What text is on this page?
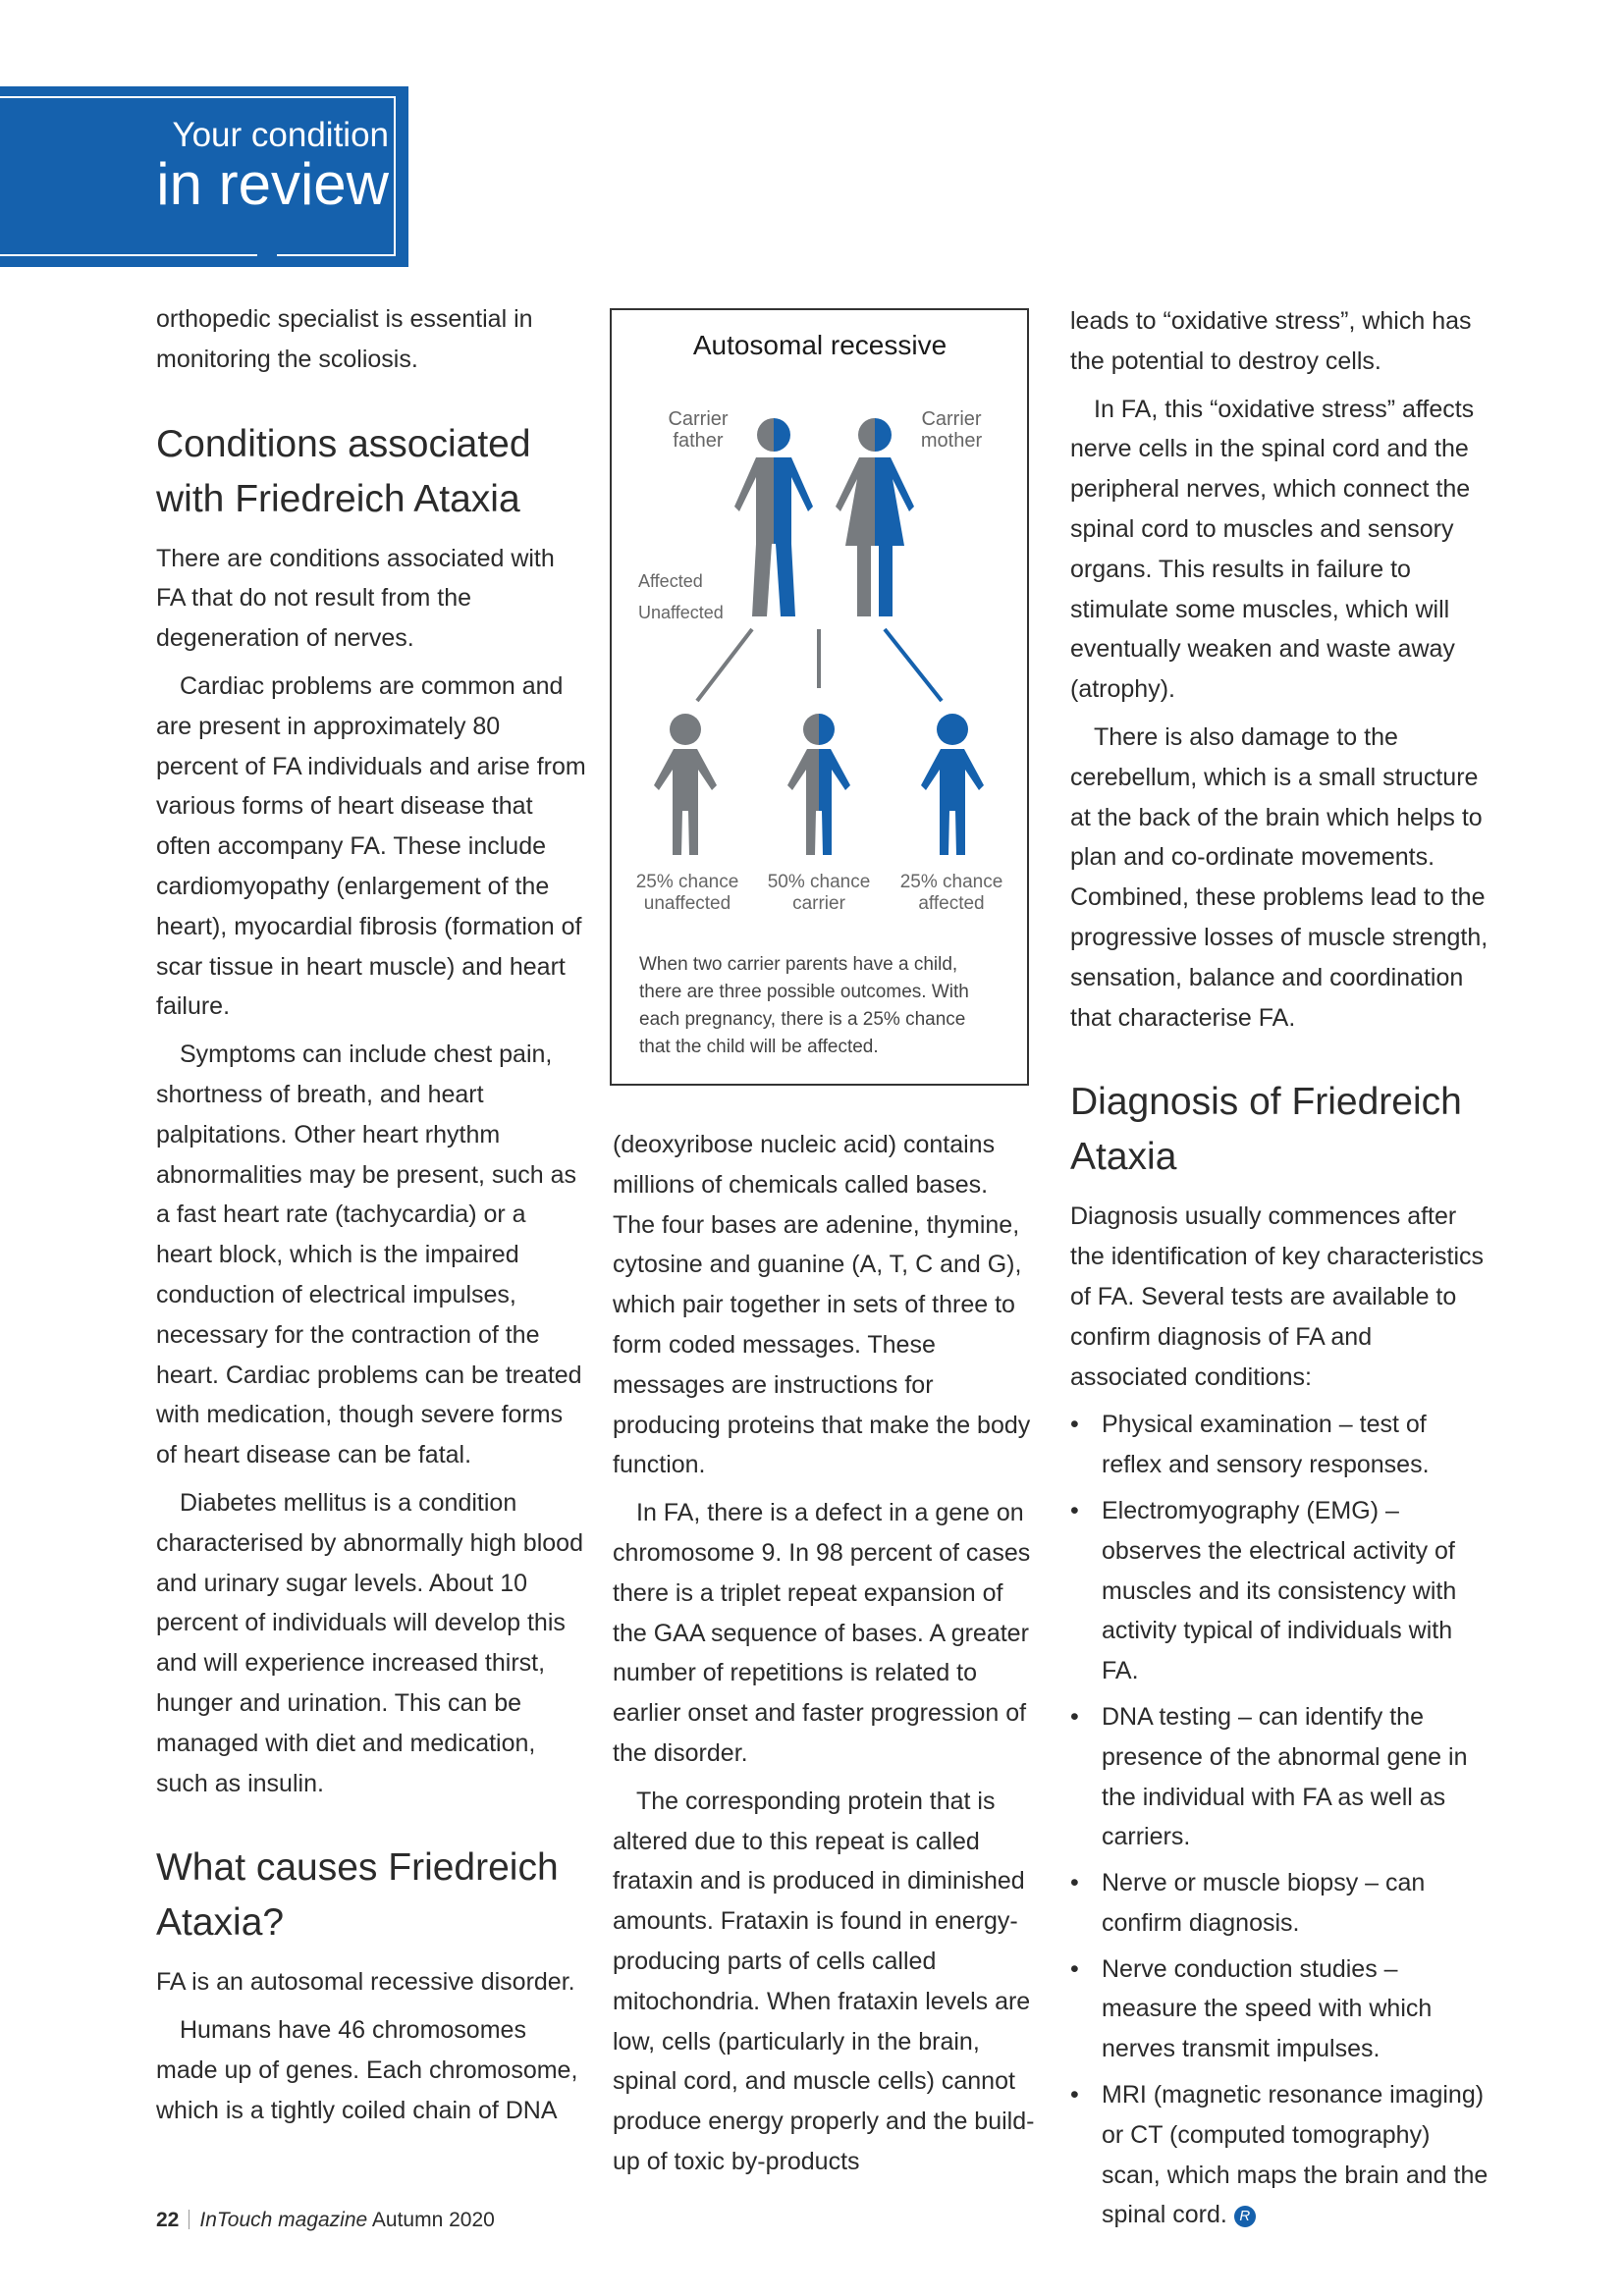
Your condition
in review

orthopedic specialist is essential in monitoring the scoliosis.

Conditions associated with Friedreich Ataxia

There are conditions associated with FA that do not result from the degeneration of nerves.

Cardiac problems are common and are present in approximately 80 percent of FA individuals and arise from various forms of heart disease that often accompany FA. These include cardiomyopathy (enlargement of the heart), myocardial fibrosis (formation of scar tissue in heart muscle) and heart failure.

Symptoms can include chest pain, shortness of breath, and heart palpitations. Other heart rhythm abnormalities may be present, such as a fast heart rate (tachycardia) or a heart block, which is the impaired conduction of electrical impulses, necessary for the contraction of the heart. Cardiac problems can be treated with medication, though severe forms of heart disease can be fatal.

Diabetes mellitus is a condition characterised by abnormally high blood and urinary sugar levels. About 10 percent of individuals will develop this and will experience increased thirst, hunger and urination. This can be managed with diet and medication, such as insulin.

What causes Friedreich Ataxia?

FA is an autosomal recessive disorder.

Humans have 46 chromosomes made up of genes. Each chromosome, which is a tightly coiled chain of DNA

Autosomal recessive
Carrier
father
Carrier
mother
Affected
Unaffected
25% chance
unaffected
50% chance
carrier
25% chance
affected
When two carrier parents have a child,
there are three possible outcomes. With
each pregnancy, there is a 25% chance
that the child will be affected.

(deoxyribose nucleic acid) contains millions of chemicals called bases. The four bases are adenine, thymine, cytosine and guanine (A, T, C and G), which pair together in sets of three to form coded messages. These messages are instructions for producing proteins that make the body function.

In FA, there is a defect in a gene on chromosome 9. In 98 percent of cases there is a triplet repeat expansion of the GAA sequence of bases. A greater number of repetitions is related to earlier onset and faster progression of the disorder.

The corresponding protein that is altered due to this repeat is called frataxin and is produced in diminished amounts. Frataxin is found in energy-producing parts of cells called mitochondria. When frataxin levels are low, cells (particularly in the brain, spinal cord, and muscle cells) cannot produce energy properly and the build-up of toxic by-products

leads to “oxidative stress”, which has the potential to destroy cells.

In FA, this “oxidative stress” affects nerve cells in the spinal cord and the peripheral nerves, which connect the spinal cord to muscles and sensory organs. This results in failure to stimulate some muscles, which will eventually weaken and waste away (atrophy).

There is also damage to the cerebellum, which is a small structure at the back of the brain which helps to plan and co-ordinate movements. Combined, these problems lead to the progressive losses of muscle strength, sensation, balance and coordination that characterise FA.

Diagnosis of Friedreich Ataxia

Diagnosis usually commences after the identification of key characteristics of FA. Several tests are available to confirm diagnosis of FA and associated conditions:

• Physical examination – test of reflex and sensory responses.
• Electromyography (EMG) – observes the electrical activity of muscles and its consistency with activity typical of individuals with FA.
• DNA testing – can identify the presence of the abnormal gene in the individual with FA as well as carriers.
• Nerve or muscle biopsy – can confirm diagnosis.
• Nerve conduction studies – measure the speed with which nerves transmit impulses.
• MRI (magnetic resonance imaging) or CT (computed tomography) scan, which maps the brain and the spinal cord. R
22 InTouch magazine Autumn 2020
